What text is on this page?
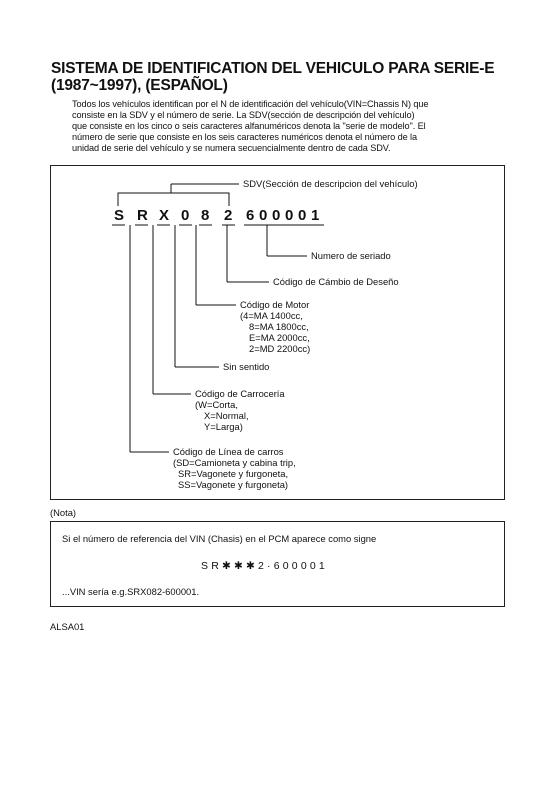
SISTEMA DE IDENTIFICATION DEL VEHICULO PARA SERIE-E
(1987~1997), (ESPAÑOL)
Todos los vehículos identifican por el N de identificación del vehículo(VIN=Chassis N) que
consiste en la SDV y el número de serie. La SDV(sección de descripción del vehículo)
que consiste en los cinco o seis caracteres alfanuméricos denota la "serie de modelo". El
número de serie que consiste en los seis caracteres numéricos denota el número de la
unidad de serie del vehículo y se numera secuencialmente dentro de cada SDV.
SDV(Sección de descripcion del vehículo)
S R X 0 8 2 6 0 0 0 0 1
Numero de seriado
Código de Cámbio de Deseño
Código de Motor
(4=MA 1400cc,
8=MA 1800cc,
E=MA 2000cc,
2=MD 2200cc)
Sin sentido
Código de Carrocería
(W=Corta,
X=Normal,
Y=Larga)
Código de Línea de carros
(SD=Camioneta y cabina trip,
SR=Vagonete y furgoneta,
SS=Vagonete y furgoneta)
(Nota)
Si el número de referencia del VIN (Chasis) en el PCM aparece como signe
SR✱✱✱2·600001
...VIN sería e.g.SRX082-600001.
ALSA01
